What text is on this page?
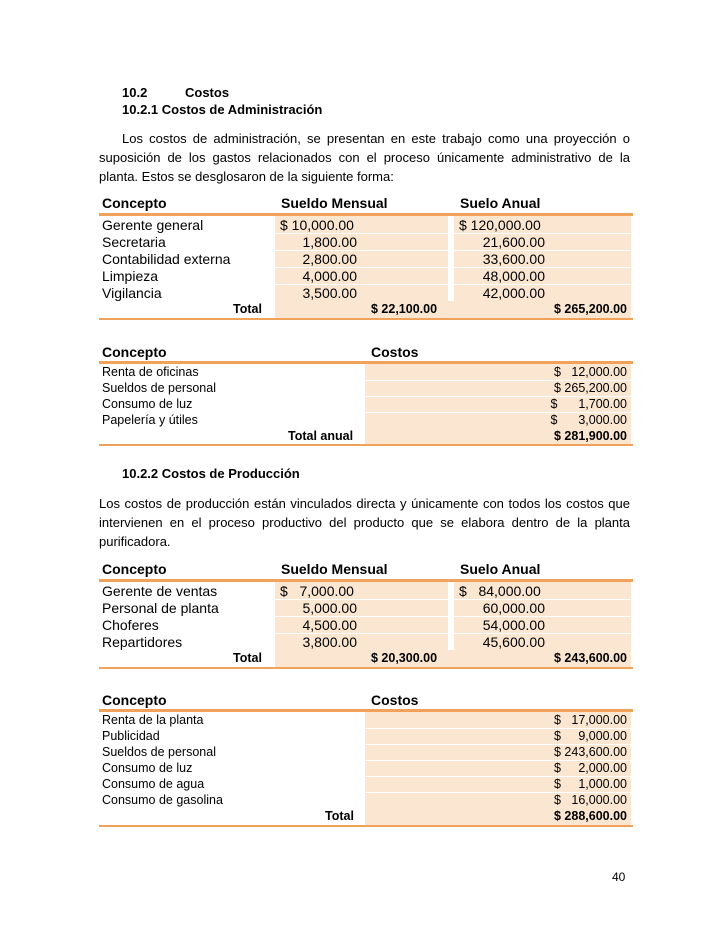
10.2	Costos
10.2.1 Costos de Administración
Los costos de administración, se presentan en este trabajo como una proyección o
suposición de los gastos relacionados con el proceso únicamente administrativo de la
planta. Estos se desglosaron de la siguiente forma:
Concepto	Sueldo Mensual	Suelo Anual
Gerente general	$ 10,000.00	$ 120,000.00
Secretaria	1,800.00	21,600.00
Contabilidad externa	2,800.00	33,600.00
Limpieza	4,000.00	48,000.00
Vigilancia	3,500.00	42,000.00
Total	$ 22,100.00	$ 265,200.00
Concepto	Costos
Renta de oficinas	$   12,000.00
Sueldos de personal	$ 265,200.00
Consumo de luz	$      1,700.00
Papelería y útiles	$      3,000.00
Total anual	$ 281,900.00
10.2.2 Costos de Producción
Los costos de producción están vinculados directa y únicamente con todos los costos que
intervienen en el proceso productivo del producto que se elabora dentro de la planta
purificadora.
Concepto	Sueldo Mensual	Suelo Anual
Gerente de ventas	$   7,000.00	$   84,000.00
Personal de planta	5,000.00	60,000.00
Choferes	4,500.00	54,000.00
Repartidores	3,800.00	45,600.00
Total	$ 20,300.00	$ 243,600.00
Concepto	Costos
Renta de la planta	$   17,000.00
Publicidad	$     9,000.00
Sueldos de personal	$ 243,600.00
Consumo de luz	$     2,000.00
Consumo de agua	$     1,000.00
Consumo de gasolina	$   16,000.00
Total	$ 288,600.00
40
